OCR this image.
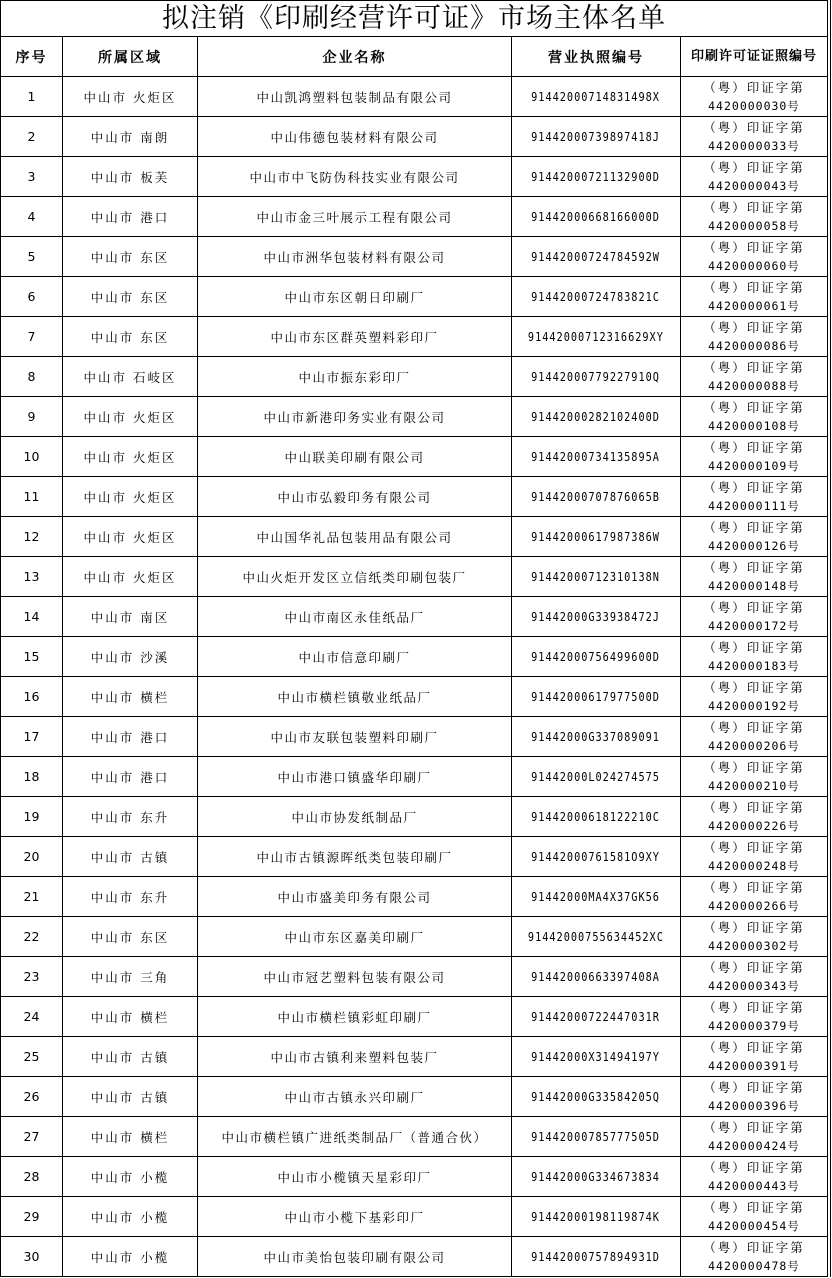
拟注销《印刷经营许可证》市场主体名单				
序号	所属区域	企业名称	营业执照编号	印刷许可证证照编号
1	中山市 火炬区	中山凯鸿塑料包装制品有限公司	91442000714831498X	（粤）印证字第
4420000030号

2	中山市 南朗	中山伟德包装材料有限公司	91442000739897418J	（粤）印证字第
4420000033号

3	中山市 板芙	中山市中飞防伪科技实业有限公司	91442000721132900D	（粤）印证字第
4420000043号

4	中山市 港口	中山市金三叶展示工程有限公司	91442000668166000D	（粤）印证字第
4420000058号

5	中山市 东区	中山市洲华包装材料有限公司	91442000724784592W	（粤）印证字第
4420000060号

6	中山市 东区	中山市东区朝日印刷厂	91442000724783821C	（粤）印证字第
4420000061号

7	中山市 东区	中山市东区群英塑料彩印厂	91442000712316629XY	（粤）印证字第
4420000086号

8	中山市 石岐区	中山市振东彩印厂	91442000779227910Q	（粤）印证字第
4420000088号

9	中山市 火炬区	中山市新港印务实业有限公司	91442000282102400D	（粤）印证字第
4420000108号

10	中山市 火炬区	中山联美印刷有限公司	91442000734135895A	（粤）印证字第
4420000109号

11	中山市 火炬区	中山市弘毅印务有限公司	91442000707876065B	（粤）印证字第
4420000111号

12	中山市 火炬区	中山国华礼品包装用品有限公司	91442000617987386W	（粤）印证字第
4420000126号

13	中山市 火炬区	中山火炬开发区立信纸类印刷包装厂	91442000712310138N	（粤）印证字第
4420000148号

14	中山市 南区	中山市南区永佳纸品厂	91442000G33938472J	（粤）印证字第
4420000172号

15	中山市 沙溪	中山市信意印刷厂	91442000756499600D	（粤）印证字第
4420000183号

16	中山市 横栏	中山市横栏镇敬业纸品厂	91442000617977500D	（粤）印证字第
4420000192号

17	中山市 港口	中山市友联包装塑料印刷厂	91442000G337089091	（粤）印证字第
4420000206号

18	中山市 港口	中山市港口镇盛华印刷厂	91442000L024274575	（粤）印证字第
4420000210号

19	中山市 东升	中山市协发纸制品厂	91442000618122210C	（粤）印证字第
4420000226号

20	中山市 古镇	中山市古镇源晖纸类包装印刷厂	91442000761581O9XY	（粤）印证字第
4420000248号

21	中山市 东升	中山市盛美印务有限公司	91442000MA4X37GK56	（粤）印证字第
4420000266号

22	中山市 东区	中山市东区嘉美印刷厂	91442000755634452XC	（粤）印证字第
4420000302号

23	中山市 三角	中山市冠艺塑料包装有限公司	91442000663397408A	（粤）印证字第
4420000343号

24	中山市 横栏	中山市横栏镇彩虹印刷厂	91442000722447031R	（粤）印证字第
4420000379号

25	中山市 古镇	中山市古镇利来塑料包装厂	91442000X31494197Y	（粤）印证字第
4420000391号

26	中山市 古镇	中山市古镇永兴印刷厂	91442000G33584205Q	（粤）印证字第
4420000396号

27	中山市 横栏	中山市横栏镇广进纸类制品厂（普通合伙）	91442000785777505D	（粤）印证字第
4420000424号

28	中山市 小榄	中山市小榄镇天星彩印厂	91442000G334673834	（粤）印证字第
4420000443号

29	中山市 小榄	中山市小榄下基彩印厂	91442000198119874K	（粤）印证字第
4420000454号

30	中山市 小榄	中山市美怡包装印刷有限公司	91442000757894931D	（粤）印证字第
4420000478号
